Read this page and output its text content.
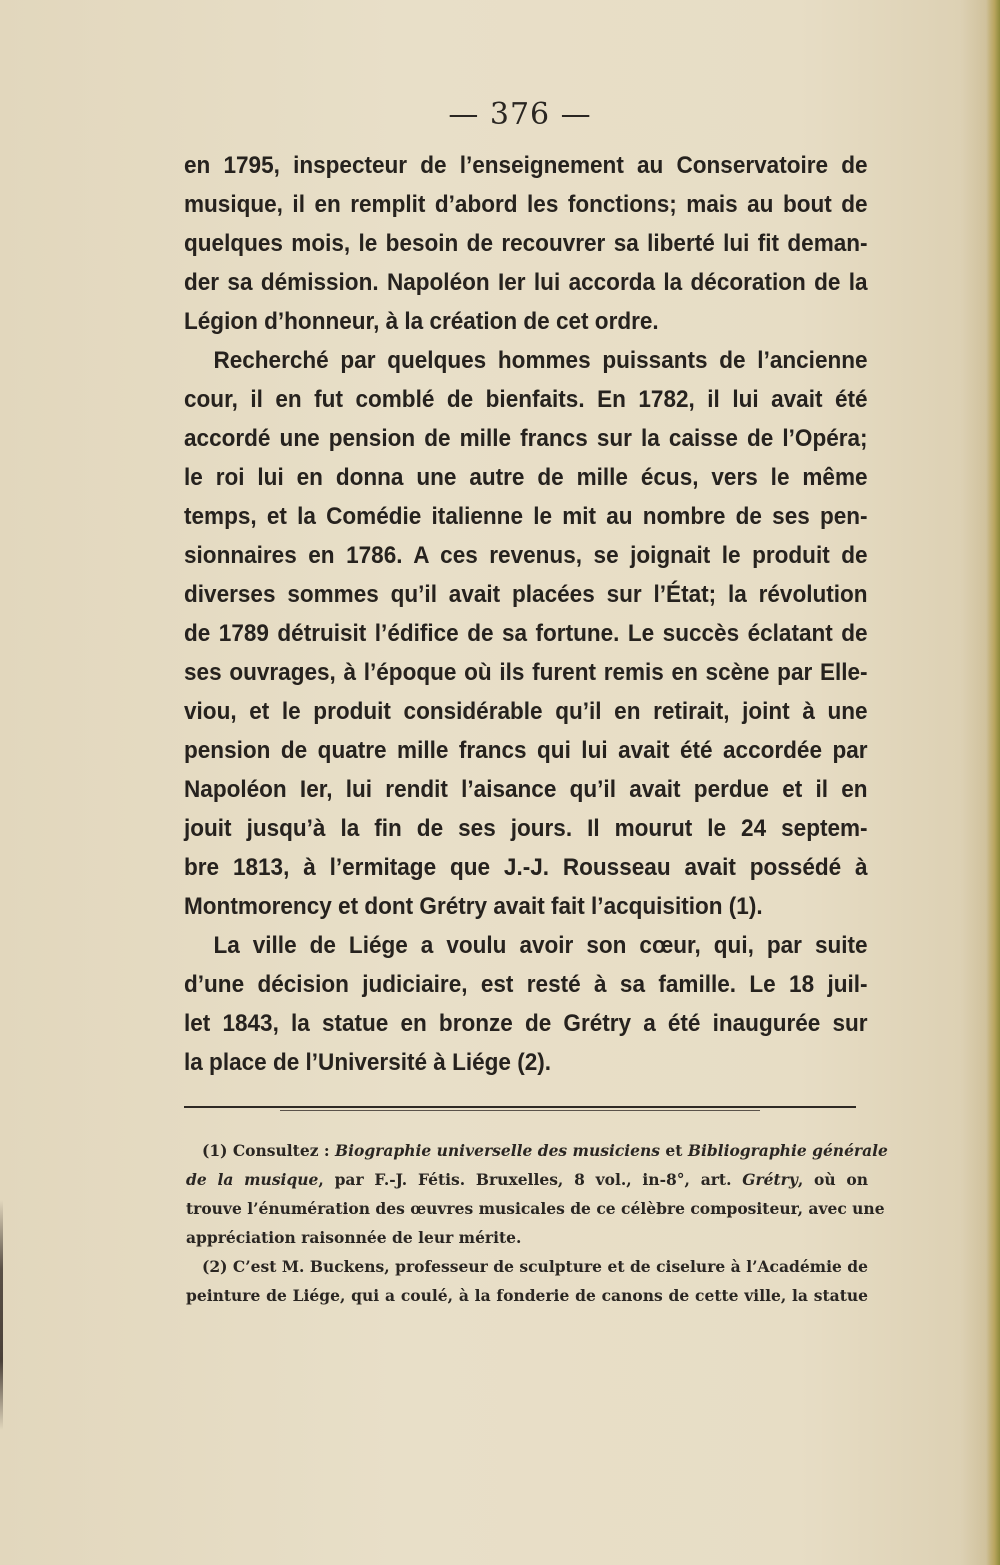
— 376 —
en 1795, inspecteur de l’enseignement au Conservatoire de
musique, il en remplit d’abord les fonctions; mais au bout de
quelques mois, le besoin de recouvrer sa liberté lui fit deman-
der sa démission. Napoléon Ier lui accorda la décoration de la
Légion d’honneur, à la création de cet ordre.
Recherché par quelques hommes puissants de l’ancienne
cour, il en fut comblé de bienfaits. En 1782, il lui avait été
accordé une pension de mille francs sur la caisse de l’Opéra;
le roi lui en donna une autre de mille écus, vers le même
temps, et la Comédie italienne le mit au nombre de ses pen-
sionnaires en 1786. A ces revenus, se joignait le produit de
diverses sommes qu’il avait placées sur l’État; la révolution
de 1789 détruisit l’édifice de sa fortune. Le succès éclatant de
ses ouvrages, à l’époque où ils furent remis en scène par Elle-
viou, et le produit considérable qu’il en retirait, joint à une
pension de quatre mille francs qui lui avait été accordée par
Napoléon Ier, lui rendit l’aisance qu’il avait perdue et il en
jouit jusqu’à la fin de ses jours. Il mourut le 24 septem-
bre 1813, à l’ermitage que J.-J. Rousseau avait possédé à
Montmorency et dont Grétry avait fait l’acquisition (1).
La ville de Liége a voulu avoir son cœur, qui, par suite
d’une décision judiciaire, est resté à sa famille. Le 18 juil-
let 1843, la statue en bronze de Grétry a été inaugurée sur
la place de l’Université à Liége (2).
(1) Consultez : Biographie universelle des musiciens et Bibliographie générale
de la musique, par F.-J. Fétis. Bruxelles, 8 vol., in-8°, art. Grétry, où on
trouve l’énumération des œuvres musicales de ce célèbre compositeur, avec une
appréciation raisonnée de leur mérite.
(2) C’est M. Buckens, professeur de sculpture et de ciselure à l’Académie de
peinture de Liége, qui a coulé, à la fonderie de canons de cette ville, la statue
